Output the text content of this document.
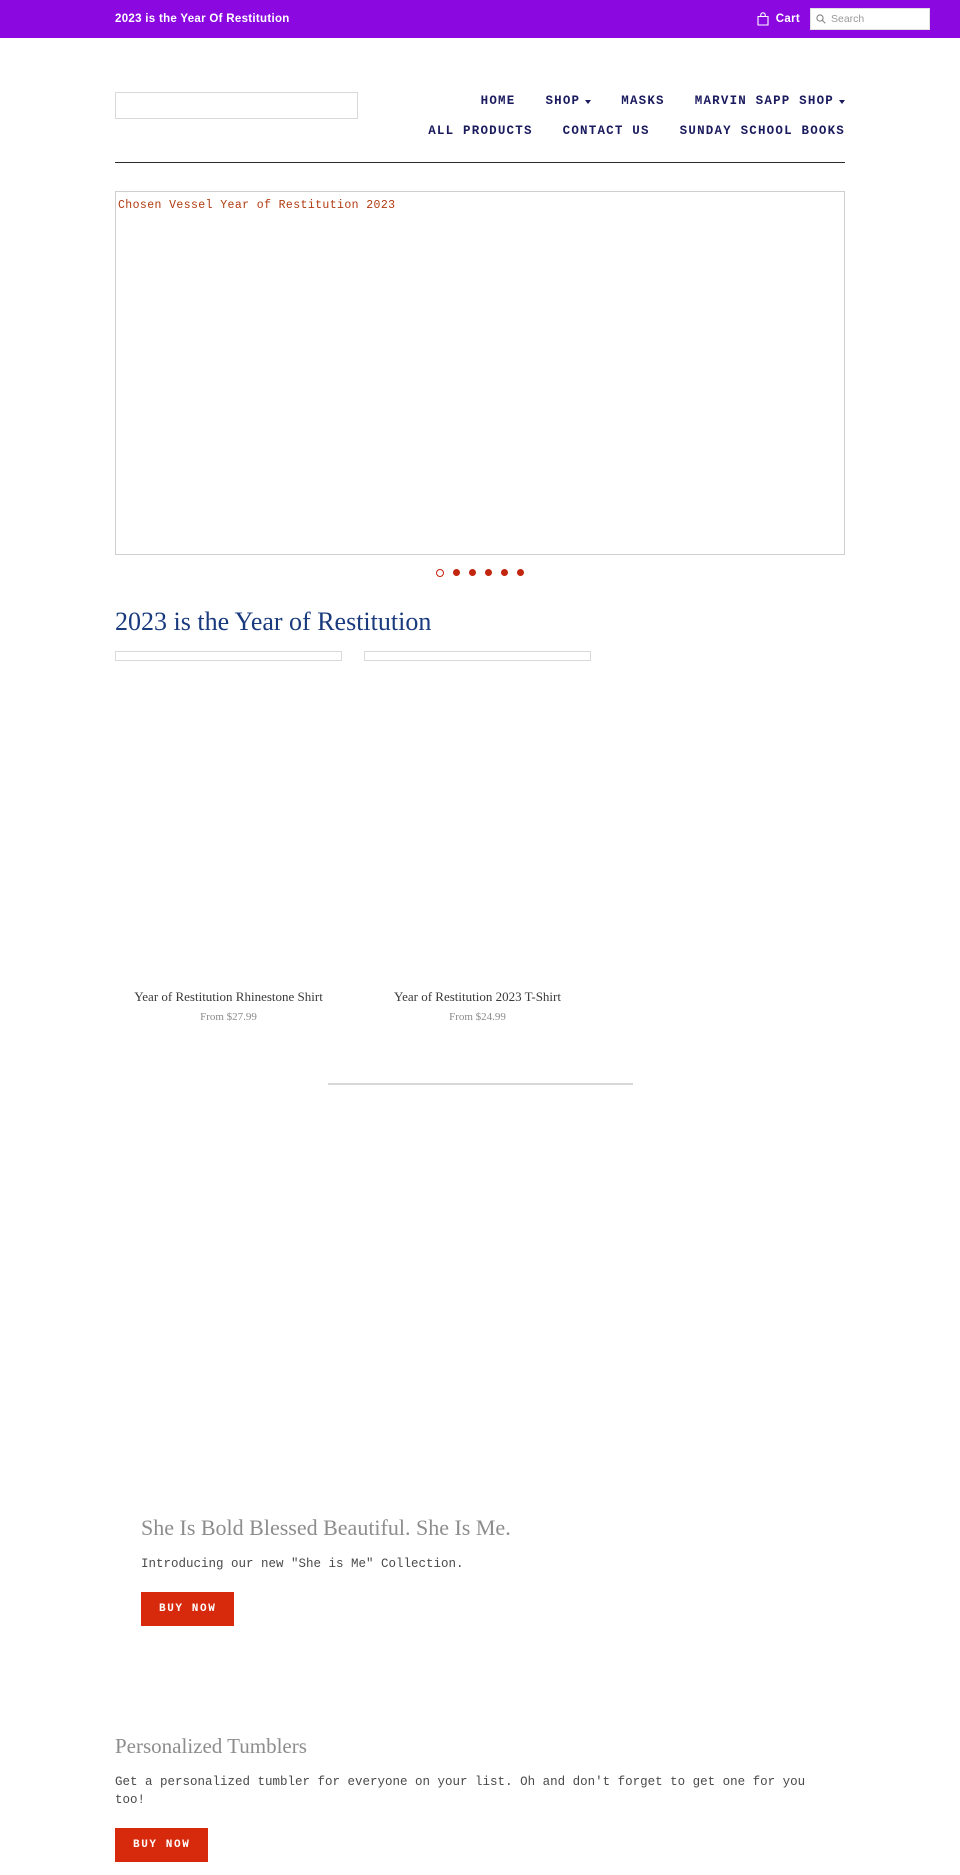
2023 is the Year Of Restitution	Cart
Search
HOME SHOP	MASKS MARVIN SAPP SHOP
ALL PRODUCTS CONTACT US SUNDAY SCHOOL BOOKS
Chosen Vessel Year of Restitution 2023
2023 is the Year of Restitution
Year of Restitution Rhinestone Shirt
From $27.99
Year of Restitution 2023 T-Shirt
From $24.99
She Is Bold Blessed Beautiful. She Is Me.
Introducing our new "She is Me" Collection.
BUY NOW
Personalized Tumblers
Get a personalized tumbler for everyone on your list. Oh and don't forget to get one for you too!
BUY NOW
